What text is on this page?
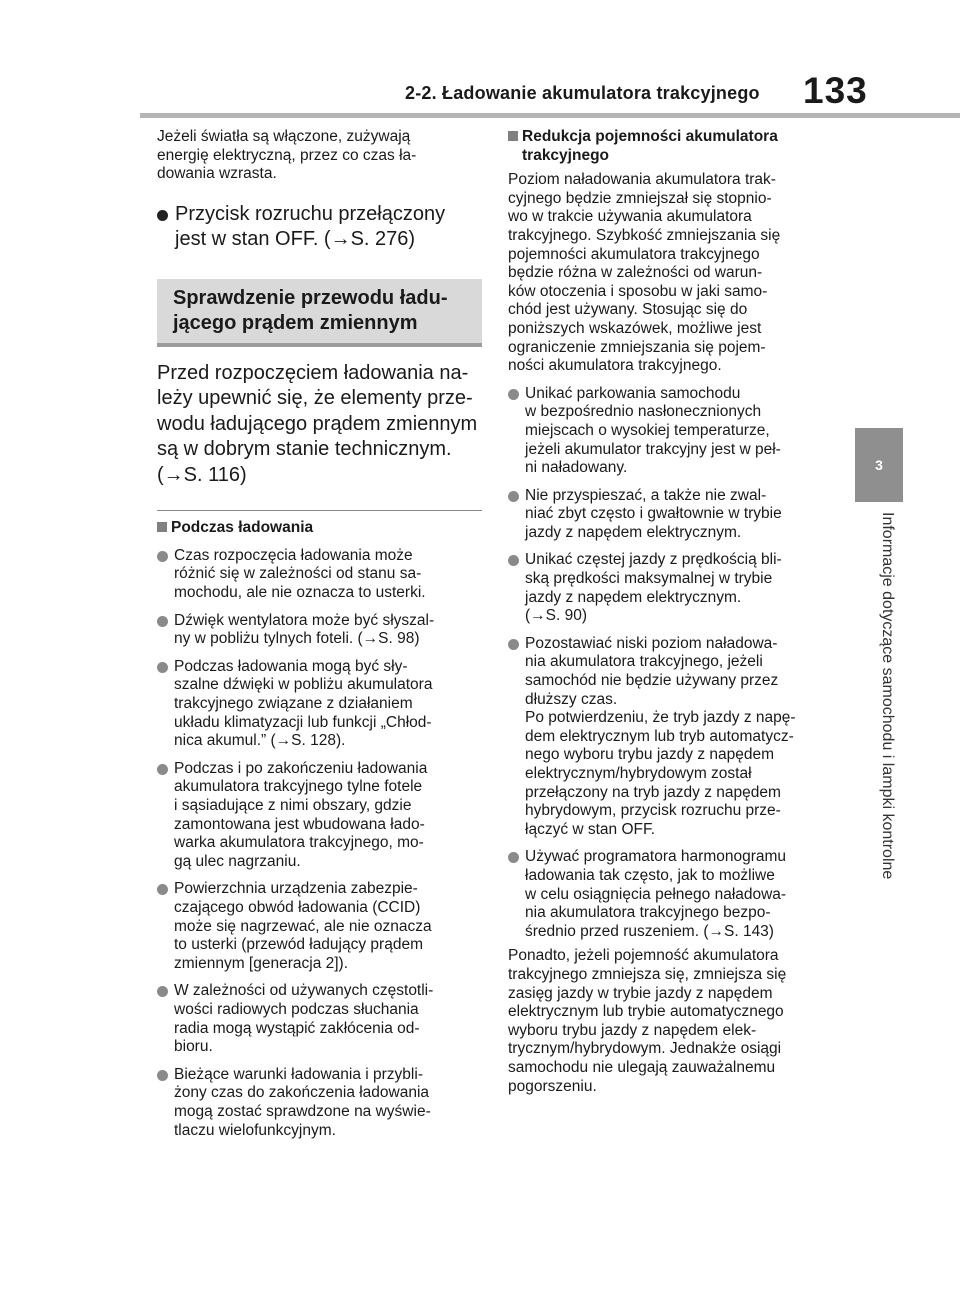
2-2. Ładowanie akumulatora trakcyjnego 133
3
Informacje dotyczące samochodu i lampki kontrolne

Jeżeli światła są włączone, zużywają
energię elektryczną, przez co czas ła-
dowania wzrasta.

Przycisk rozruchu przełączony
jest w stan OFF. (→S. 276)
Sprawdzenie przewodu ładu-
jącego prądem zmiennym

Przed rozpoczęciem ładowania na-
leży upewnić się, że elementy prze-
wodu ładującego prądem zmiennym
są w dobrym stanie technicznym.
(→S. 116)

Podczas ładowania
Czas rozpoczęcia ładowania może
różnić się w zależności od stanu sa-
mochodu, ale nie oznacza to usterki.
Dźwięk wentylatora może być słyszal-
ny w pobliżu tylnych foteli. (→S. 98)
Podczas ładowania mogą być sły-
szalne dźwięki w pobliżu akumulatora
trakcyjnego związane z działaniem
układu klimatyzacji lub funkcji „Chłod-
nica akumul.” (→S. 128).
Podczas i po zakończeniu ładowania
akumulatora trakcyjnego tylne fotele
i sąsiadujące z nimi obszary, gdzie
zamontowana jest wbudowana łado-
warka akumulatora trakcyjnego, mo-
gą ulec nagrzaniu.
Powierzchnia urządzenia zabezpie-
czającego obwód ładowania (CCID)
może się nagrzewać, ale nie oznacza
to usterki (przewód ładujący prądem
zmiennym [generacja 2]).
W zależności od używanych częstotli-
wości radiowych podczas słuchania
radia mogą wystąpić zakłócenia od-
bioru.
Bieżące warunki ładowania i przybli-
żony czas do zakończenia ładowania
mogą zostać sprawdzone na wyświe-
tlaczu wielofunkcyjnym.
Redukcja pojemności akumulatora
trakcyjnego

Poziom naładowania akumulatora trak-
cyjnego będzie zmniejszał się stopnio-
wo w trakcie używania akumulatora
trakcyjnego. Szybkość zmniejszania się
pojemności akumulatora trakcyjnego
będzie różna w zależności od warun-
ków otoczenia i sposobu w jaki samo-
chód jest używany. Stosując się do
poniższych wskazówek, możliwe jest
ograniczenie zmniejszania się pojem-
ności akumulatora trakcyjnego.

Unikać parkowania samochodu
w bezpośrednio nasłonecznionych
miejscach o wysokiej temperaturze,
jeżeli akumulator trakcyjny jest w peł-
ni naładowany.
Nie przyspieszać, a także nie zwal-
niać zbyt często i gwałtownie w trybie
jazdy z napędem elektrycznym.
Unikać częstej jazdy z prędkością bli-
ską prędkości maksymalnej w trybie
jazdy z napędem elektrycznym.
(→S. 90)
Pozostawiać niski poziom naładowa-
nia akumulatora trakcyjnego, jeżeli
samochód nie będzie używany przez
dłuższy czas.
Po potwierdzeniu, że tryb jazdy z napę-
dem elektrycznym lub tryb automatycz-
nego wyboru trybu jazdy z napędem
elektrycznym/hybrydowym został
przełączony na tryb jazdy z napędem
hybrydowym, przycisk rozruchu prze-
łączyć w stan OFF.
Używać programatora harmonogramu
ładowania tak często, jak to możliwe
w celu osiągnięcia pełnego naładowa-
nia akumulatora trakcyjnego bezpo-
średnio przed ruszeniem. (→S. 143)

Ponadto, jeżeli pojemność akumulatora
trakcyjnego zmniejsza się, zmniejsza się
zasięg jazdy w trybie jazdy z napędem
elektrycznym lub trybie automatycznego
wyboru trybu jazdy z napędem elek-
trycznym/hybrydowym. Jednakże osiągi
samochodu nie ulegają zauważalnemu
pogorszeniu.
